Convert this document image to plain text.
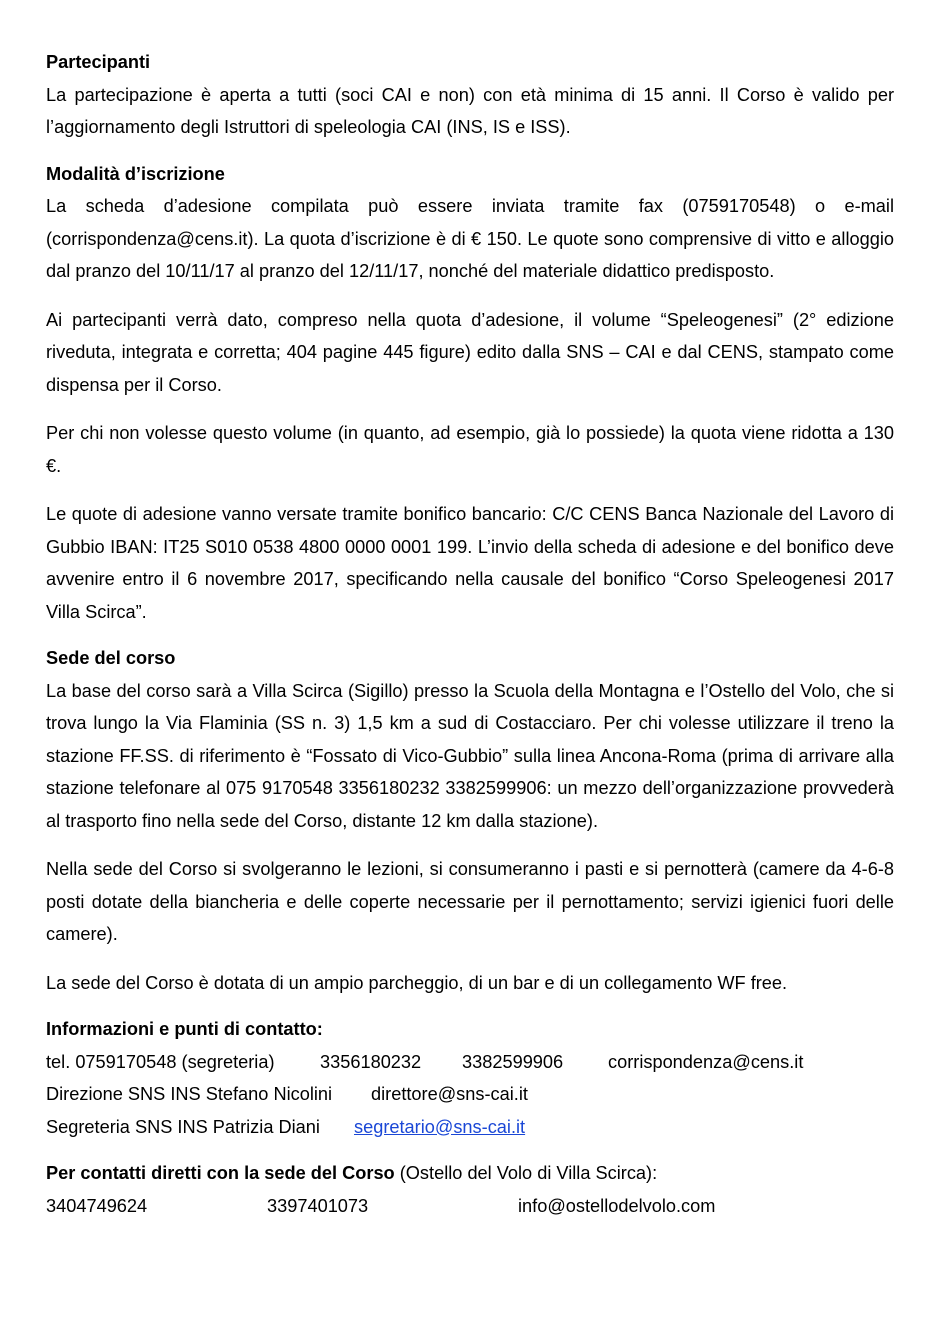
Partecipanti

La partecipazione è aperta a tutti (soci CAI e non) con età minima di 15 anni. Il Corso è valido per l’aggiornamento degli Istruttori di speleologia CAI (INS, IS e ISS).

Modalità d’iscrizione

La scheda d’adesione compilata può essere inviata tramite fax (0759170548) o e-mail (corrispondenza@cens.it). La quota d’iscrizione è di € 150. Le quote sono comprensive di vitto e alloggio dal pranzo del 10/11/17 al pranzo del 12/11/17, nonché del materiale didattico predisposto.

Ai partecipanti verrà dato, compreso nella quota d’adesione, il volume “Speleogenesi” (2° edizione riveduta, integrata e corretta; 404 pagine 445 figure) edito dalla SNS – CAI e dal CENS, stampato come dispensa per il Corso.

Per chi non volesse questo volume (in quanto, ad esempio, già lo possiede) la quota viene ridotta a 130 €.

Le quote di adesione vanno versate tramite bonifico bancario: C/C CENS Banca Nazionale del Lavoro di Gubbio IBAN: IT25 S010 0538 4800 0000 0001 199. L’invio della scheda di adesione e del bonifico deve avvenire entro il 6 novembre 2017, specificando nella causale del bonifico “Corso Speleogenesi 2017 Villa Scirca”.

Sede del corso

La base del corso sarà a Villa Scirca (Sigillo) presso la Scuola della Montagna e l’Ostello del Volo, che si trova lungo la Via Flaminia (SS n. 3) 1,5 km a sud di Costacciaro. Per chi volesse utilizzare il treno la stazione FF.SS. di riferimento è “Fossato di Vico-Gubbio” sulla linea Ancona-Roma (prima di arrivare alla stazione telefonare al 075 9170548 3356180232 3382599906: un mezzo dell’organizzazione provvederà al trasporto fino nella sede del Corso, distante 12 km dalla stazione).

Nella sede del Corso si svolgeranno le lezioni, si consumeranno i pasti e si pernotterà (camere da 4-6-8 posti dotate della biancheria e delle coperte necessarie per il pernottamento; servizi igienici fuori delle camere).

La sede del Corso è dotata di un ampio parcheggio, di un bar e di un collegamento WF free.

Informazioni e punti di contatto:

tel. 0759170548 (segreteria)	3356180232	3382599906	corrispondenza@cens.it
Direzione SNS INS Stefano Nicolini	direttore@sns-cai.it
Segreteria SNS INS Patrizia Diani	segretario@sns-cai.it

Per contatti diretti con la sede del Corso (Ostello del Volo di Villa Scirca):

3404749624	3397401073	info@ostellodelvolo.com
